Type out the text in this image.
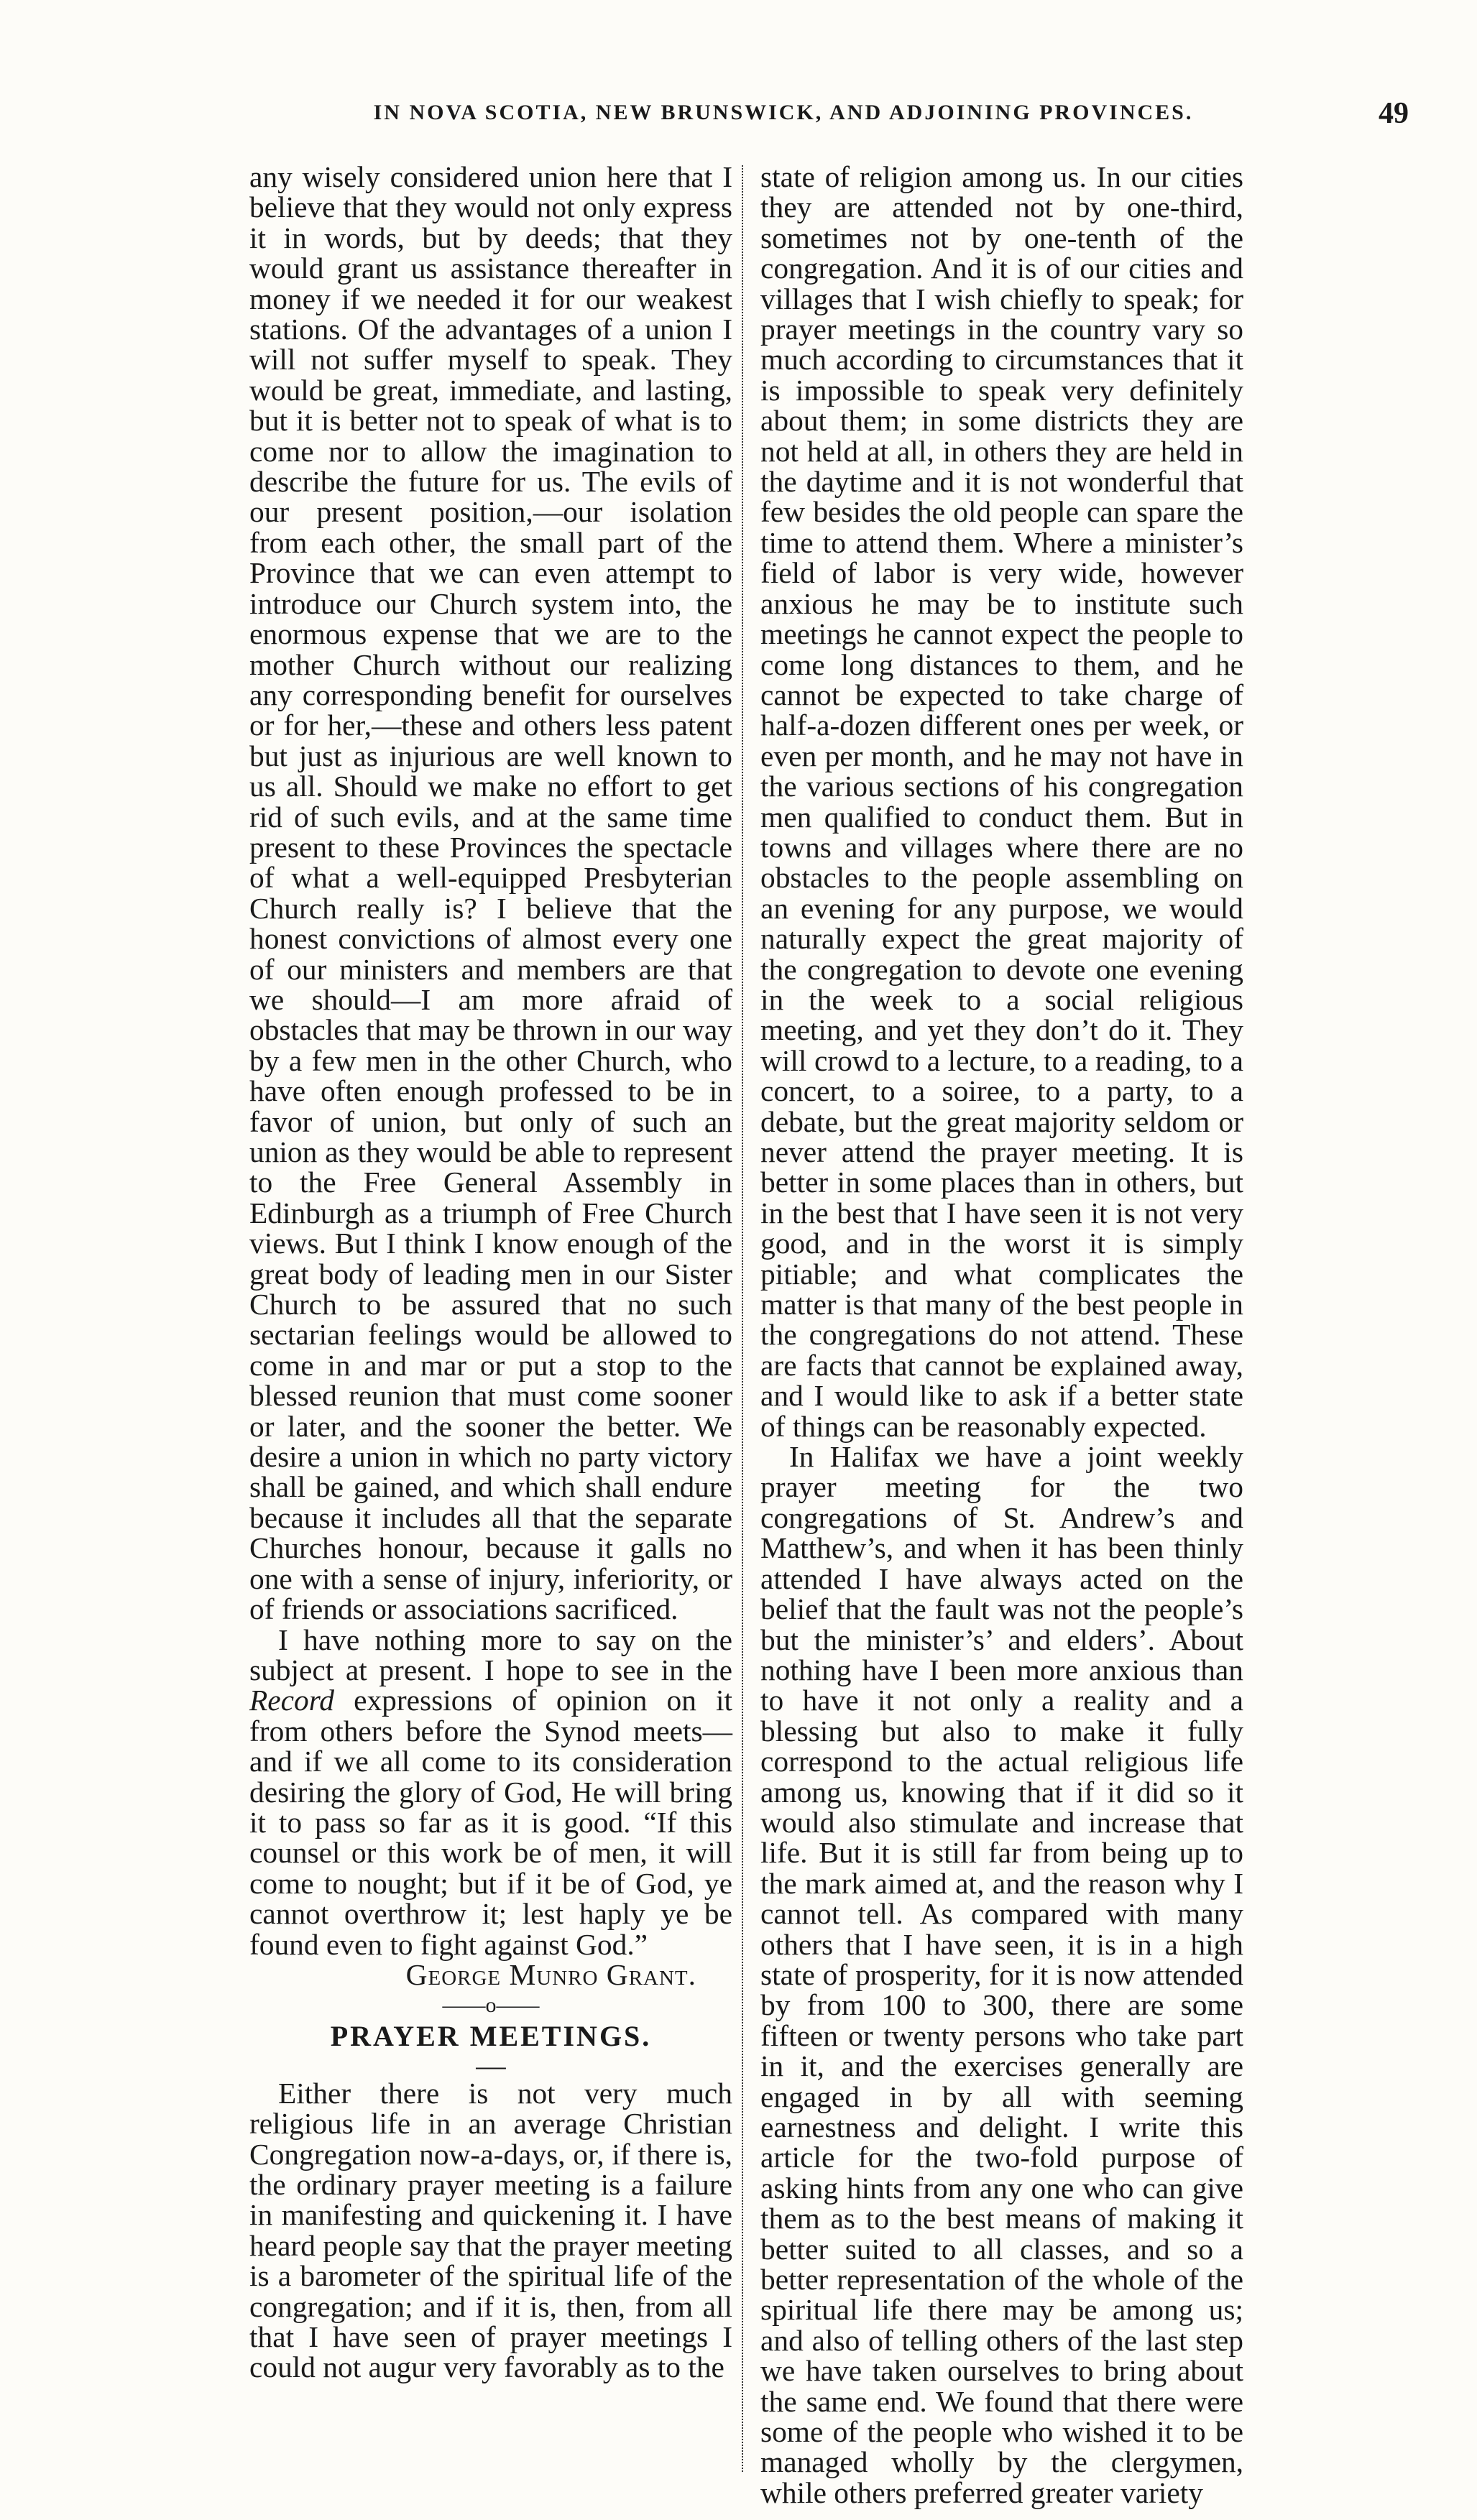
IN NOVA SCOTIA, NEW BRUNSWICK, AND ADJOINING PROVINCES.	49

any wisely considered union here that I believe that they would not only express it in words, but by deeds; that they would grant us assistance thereafter in money if we needed it for our weakest stations. Of the advantages of a union I will not suffer myself to speak. They would be great, immediate, and lasting, but it is better not to speak of what is to come nor to allow the imagination to describe the future for us. The evils of our present position,—our isolation from each other, the small part of the Province that we can even attempt to introduce our Church system into, the enormous expense that we are to the mother Church without our realizing any corresponding benefit for ourselves or for her,—these and others less patent but just as injurious are well known to us all. Should we make no effort to get rid of such evils, and at the same time present to these Provinces the spectacle of what a well-equipped Presbyterian Church really is? I believe that the honest convictions of almost every one of our ministers and members are that we should—I am more afraid of obstacles that may be thrown in our way by a few men in the other Church, who have often enough professed to be in favor of union, but only of such an union as they would be able to represent to the Free General Assembly in Edinburgh as a triumph of Free Church views. But I think I know enough of the great body of leading men in our Sister Church to be assured that no such sectarian feelings would be allowed to come in and mar or put a stop to the blessed reunion that must come sooner or later, and the sooner the better. We desire a union in which no party victory shall be gained, and which shall endure because it includes all that the separate Churches honour, because it galls no one with a sense of injury, inferiority, or of friends or associations sacrificed.

I have nothing more to say on the subject at present. I hope to see in the Record expressions of opinion on it from others before the Synod meets—and if we all come to its consideration desiring the glory of God, He will bring it to pass so far as it is good. “If this counsel or this work be of men, it will come to nought; but if it be of God, ye cannot overthrow it; lest haply ye be found even to fight against God.”

George Munro Grant.

——o——

PRAYER MEETINGS.

—

Either there is not very much religious life in an average Christian Congregation now-a-days, or, if there is, the ordinary prayer meeting is a failure in manifesting and quickening it. I have heard people say that the prayer meeting is a barometer of the spiritual life of the congregation; and if it is, then, from all that I have seen of prayer meetings I could not augur very favorably as to the

state of religion among us. In our cities they are attended not by one-third, sometimes not by one-tenth of the congregation. And it is of our cities and villages that I wish chiefly to speak; for prayer meetings in the country vary so much according to circumstances that it is impossible to speak very definitely about them; in some districts they are not held at all, in others they are held in the daytime and it is not wonderful that few besides the old people can spare the time to attend them. Where a minister’s field of labor is very wide, however anxious he may be to institute such meetings he cannot expect the people to come long distances to them, and he cannot be expected to take charge of half-a-dozen different ones per week, or even per month, and he may not have in the various sections of his congregation men qualified to conduct them. But in towns and villages where there are no obstacles to the people assembling on an evening for any purpose, we would naturally expect the great majority of the congregation to devote one evening in the week to a social religious meeting, and yet they don’t do it. They will crowd to a lecture, to a reading, to a concert, to a soiree, to a party, to a debate, but the great majority seldom or never attend the prayer meeting. It is better in some places than in others, but in the best that I have seen it is not very good, and in the worst it is simply pitiable; and what complicates the matter is that many of the best people in the congregations do not attend. These are facts that cannot be explained away, and I would like to ask if a better state of things can be reasonably expected.

In Halifax we have a joint weekly prayer meeting for the two congregations of St. Andrew’s and Matthew’s, and when it has been thinly attended I have always acted on the belief that the fault was not the people’s but the minister’s’ and elders’. About nothing have I been more anxious than to have it not only a reality and a blessing but also to make it fully correspond to the actual religious life among us, knowing that if it did so it would also stimulate and increase that life. But it is still far from being up to the mark aimed at, and the reason why I cannot tell. As compared with many others that I have seen, it is in a high state of prosperity, for it is now attended by from 100 to 300, there are some fifteen or twenty persons who take part in it, and the exercises generally are engaged in by all with seeming earnestness and delight. I write this article for the two-fold purpose of asking hints from any one who can give them as to the best means of making it better suited to all classes, and so a better representation of the whole of the spiritual life there may be among us; and also of telling others of the last step we have taken ourselves to bring about the same end. We found that there were some of the people who wished it to be managed wholly by the clergymen, while others preferred greater variety
